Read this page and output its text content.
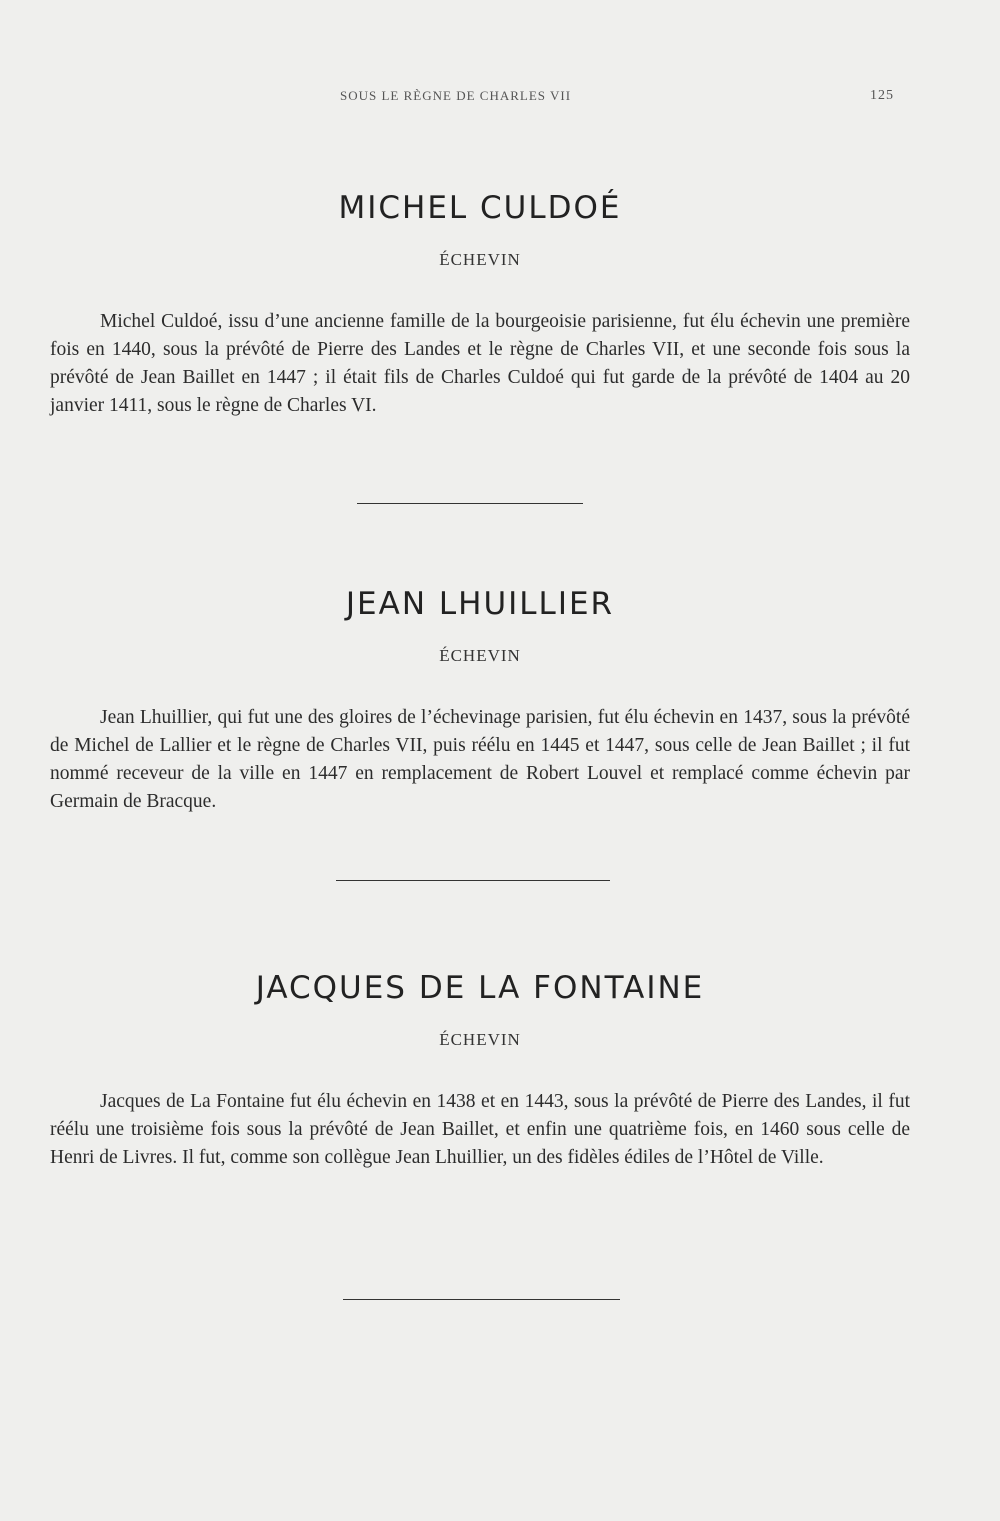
SOUS LE RÈGNE DE CHARLES VII	125
MICHEL CULDOÉ
ÉCHEVIN

Michel Culdoé, issu d’une ancienne famille de la bourgeoisie parisienne, fut élu échevin une première fois en 1440, sous la prévôté de Pierre des Landes et le règne de Charles VII, et une seconde fois sous la prévôté de Jean Baillet en 1447 ; il était fils de Charles Culdoé qui fut garde de la prévôté de 1404 au 20 janvier 1411, sous le règne de Charles VI.

JEAN LHUILLIER
ÉCHEVIN

Jean Lhuillier, qui fut une des gloires de l’échevinage parisien, fut élu échevin en 1437, sous la prévôté de Michel de Lallier et le règne de Charles VII, puis réélu en 1445 et 1447, sous celle de Jean Baillet ; il fut nommé receveur de la ville en 1447 en remplacement de Robert Louvel et remplacé comme échevin par Germain de Bracque.

JACQUES DE LA FONTAINE
ÉCHEVIN

Jacques de La Fontaine fut élu échevin en 1438 et en 1443, sous la prévôté de Pierre des Landes, il fut réélu une troisième fois sous la prévôté de Jean Baillet, et enfin une quatrième fois, en 1460 sous celle de Henri de Livres. Il fut, comme son collègue Jean Lhuillier, un des fidèles édiles de l’Hôtel de Ville.
